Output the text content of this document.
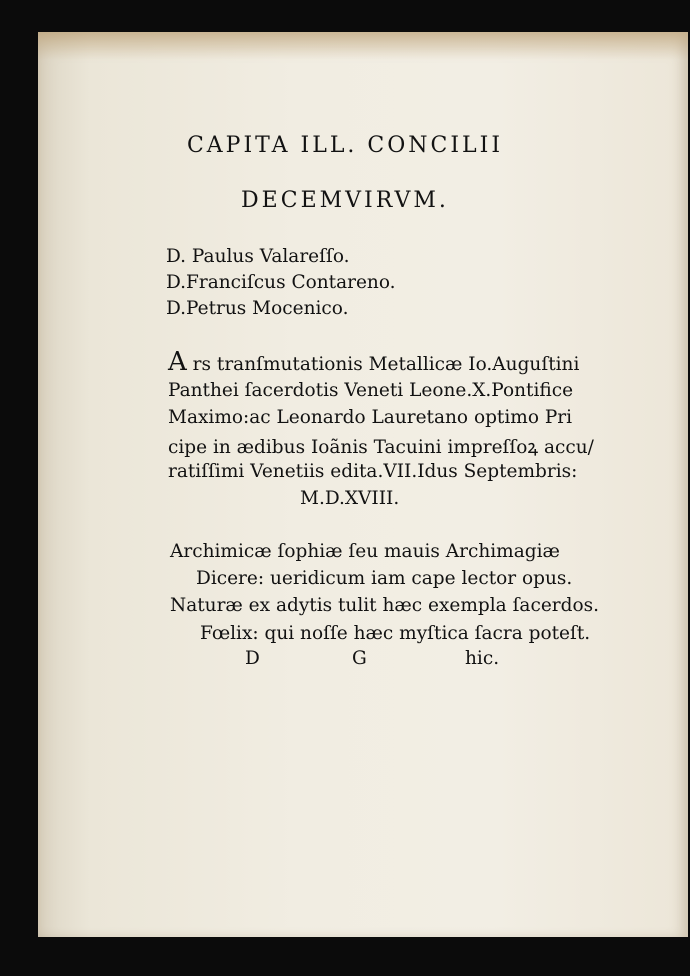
CAPITA ILL. CONCILII
DECEMVIRVM.
D. Paulus Valareſſo.
D.Franciſcus Contareno.
D.Petrus Mocenico.
A rs tranſmutationis Metallicæ Io.Auguſtini
Panthei ſacerdotis Veneti Leone.X.Pontifice
Maximo:ac Leonardo Lauretano optimo Pri
cipe in ædibus Ioãnis Tacuini impreſſoꝝ accu/
ratiſſimi Venetiis edita.VII.Idus Septembris:
M.D.XVIII.
Archimicæ ſophiæ ſeu mauis Archimagiæ
Dicere: ueridicum iam cape lector opus.
Naturæ ex adytis tulit hæc exempla ſacerdos.
Fœlix: qui noſſe hæc myſtica ſacra poteſt.
D	G	hic.
